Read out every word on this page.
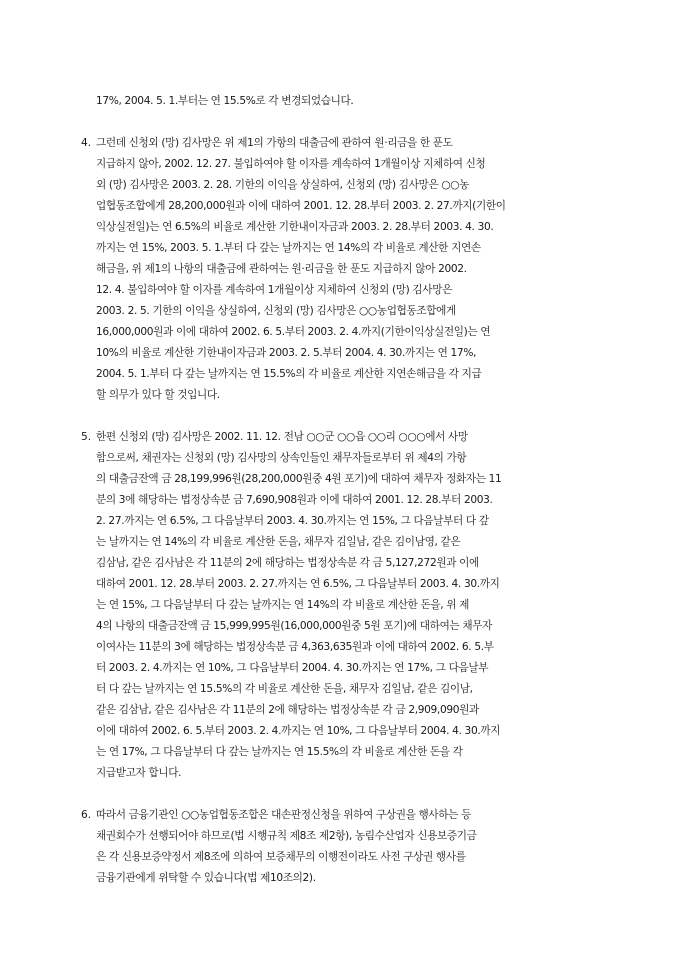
17%, 2004. 5. 1.부터는 연 15.5%로 각 변경되었습니다.
4. 그런데 신청외 (망) 김사망은 위 제1의 가항의 대출금에 관하여 원·리금을 한 푼도
지급하지 않아, 2002. 12. 27. 불입하여야 할 이자를 계속하여 1개월이상 지체하여 신청
외 (망) 김사망은 2003. 2. 28. 기한의 이익을 상실하여, 신청외 (망) 김사망은 ○○농
업협동조합에게 28,200,000원과 이에 대하여 2001. 12. 28.부터 2003. 2. 27.까지(기한이
익상실전일)는 연 6.5%의 비율로 계산한 기한내이자금과 2003. 2. 28.부터 2003. 4. 30.
까지는 연 15%, 2003. 5. 1.부터 다 갚는 날까지는 연 14%의 각 비율로 계산한 지연손
해금을, 위 제1의 나항의 대출금에 관하여는 원·리금을 한 푼도 지급하지 않아 2002.
12. 4. 불입하여야 할 이자를 계속하여 1개월이상 지체하여 신청외 (망) 김사망은
2003. 2. 5. 기한의 이익을 상실하여, 신청외 (망) 김사망은 ○○농업협동조합에게
16,000,000원과 이에 대하여 2002. 6. 5.부터 2003. 2. 4.까지(기한이익상실전일)는 연
10%의 비율로 계산한 기한내이자금과 2003. 2. 5.부터 2004. 4. 30.까지는 연 17%,
2004. 5. 1.부터 다 갚는 날까지는 연 15.5%의 각 비율로 계산한 지연손해금을 각 지급
할 의무가 있다 할 것입니다.
5. 한편 신청외 (망) 김사망은 2002. 11. 12. 전남 ○○군 ○○읍 ○○리 ○○○에서 사망
함으로써, 채권자는 신청외 (망) 김사망의 상속인들인 채무자들로부터 위 제4의 가항
의 대출금잔액 금 28,199,996원(28,200,000원중 4원 포기)에 대하여 채무자 정화자는 11
분의 3에 해당하는 법정상속분 금 7,690,908원과 이에 대하여 2001. 12. 28.부터 2003.
2. 27.까지는 연 6.5%, 그 다음날부터 2003. 4. 30.까지는 연 15%, 그 다음날부터 다 갚
는 날까지는 연 14%의 각 비율로 계산한 돈을, 채무자 김일남, 같은 김이남영, 같은
김삼남, 같은 김사남은 각 11분의 2에 해당하는 법정상속분 각 금 5,127,272원과 이에
대하여 2001. 12. 28.부터 2003. 2. 27.까지는 연 6.5%, 그 다음날부터 2003. 4. 30.까지
는 연 15%, 그 다음날부터 다 갚는 날까지는 연 14%의 각 비율로 계산한 돈을, 위 제
4의 나항의 대출금잔액 금 15,999,995원(16,000,000원중 5원 포기)에 대하여는 채무자
이여사는 11분의 3에 해당하는 법정상속분 금 4,363,635원과 이에 대하여 2002. 6. 5.부
터 2003. 2. 4.까지는 연 10%, 그 다음날부터 2004. 4. 30.까지는 연 17%, 그 다음날부
터 다 갚는 날까지는 연 15.5%의 각 비율로 계산한 돈을, 채무자 김일남, 같은 김이남,
같은 김삼남, 같은 김사남은 각 11분의 2에 해당하는 법정상속분 각 금 2,909,090원과
이에 대하여 2002. 6. 5.부터 2003. 2. 4.까지는 연 10%, 그 다음날부터 2004. 4. 30.까지
는 연 17%, 그 다음날부터 다 갚는 날까지는 연 15.5%의 각 비율로 계산한 돈을 각
지급받고자 합니다.
6. 따라서 금융기관인 ○○농업협동조합은 대손판정신청을 위하여 구상권을 행사하는 등
채권회수가 선행되어야 하므로(법 시행규칙 제8조 제2항), 농림수산업자 신용보증기금
은 각 신용보증약정서 제8조에 의하여 보증채무의 이행전이라도 사전 구상권 행사를
금융기관에게 위탁할 수 있습니다(법 제10조의2).
